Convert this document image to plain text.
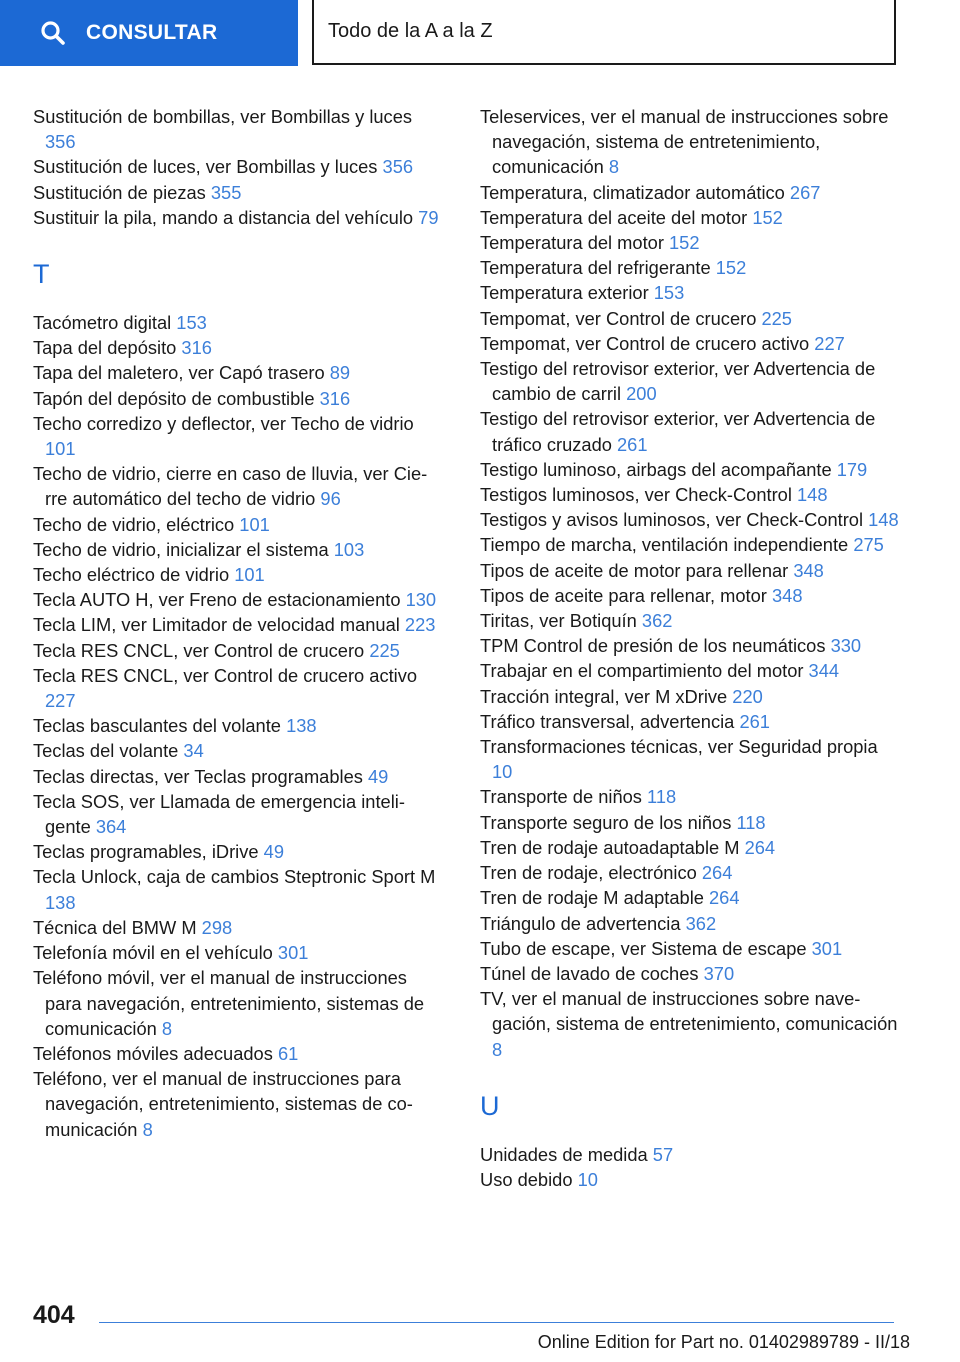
CONSULTAR	Todo de la A a la Z
Sustitución de bombillas, ver Bombillas y luces 356
Sustitución de luces, ver Bombillas y luces 356
Sustitución de piezas 355
Sustituir la pila, mando a distancia del vehículo 79
T
Tacómetro digital 153
Tapa del depósito 316
Tapa del maletero, ver Capó trasero 89
Tapón del depósito de combustible 316
Techo corredizo y deflector, ver Techo de vidrio 101
Techo de vidrio, cierre en caso de lluvia, ver Cierre automático del techo de vidrio 96
Techo de vidrio, eléctrico 101
Techo de vidrio, inicializar el sistema 103
Techo eléctrico de vidrio 101
Tecla AUTO H, ver Freno de estacionamiento 130
Tecla LIM, ver Limitador de velocidad manual 223
Tecla RES CNCL, ver Control de crucero 225
Tecla RES CNCL, ver Control de crucero activo 227
Teclas basculantes del volante 138
Teclas del volante 34
Teclas directas, ver Teclas programables 49
Tecla SOS, ver Llamada de emergencia inteligente 364
Teclas programables, iDrive 49
Tecla Unlock, caja de cambios Steptronic Sport M 138
Técnica del BMW M 298
Telefonía móvil en el vehículo 301
Teléfono móvil, ver el manual de instrucciones para navegación, entretenimiento, sistemas de comunicación 8
Teléfonos móviles adecuados 61
Teléfono, ver el manual de instrucciones para navegación, entretenimiento, sistemas de comunicación 8
Teleservices, ver el manual de instrucciones sobre navegación, sistema de entretenimiento, comunicación 8
Temperatura, climatizador automático 267
Temperatura del aceite del motor 152
Temperatura del motor 152
Temperatura del refrigerante 152
Temperatura exterior 153
Tempomat, ver Control de crucero 225
Tempomat, ver Control de crucero activo 227
Testigo del retrovisor exterior, ver Advertencia de cambio de carril 200
Testigo del retrovisor exterior, ver Advertencia de tráfico cruzado 261
Testigo luminoso, airbags del acompañante 179
Testigos luminosos, ver Check-Control 148
Testigos y avisos luminosos, ver Check-Control 148
Tiempo de marcha, ventilación independiente 275
Tipos de aceite de motor para rellenar 348
Tipos de aceite para rellenar, motor 348
Tiritas, ver Botiquín 362
TPM Control de presión de los neumáticos 330
Trabajar en el compartimiento del motor 344
Tracción integral, ver M xDrive 220
Tráfico transversal, advertencia 261
Transformaciones técnicas, ver Seguridad propia 10
Transporte de niños 118
Transporte seguro de los niños 118
Tren de rodaje autoadaptable M 264
Tren de rodaje, electrónico 264
Tren de rodaje M adaptable 264
Triángulo de advertencia 362
Tubo de escape, ver Sistema de escape 301
Túnel de lavado de coches 370
TV, ver el manual de instrucciones sobre navegación, sistema de entretenimiento, comunicación 8
U
Unidades de medida 57
Uso debido 10
404
Online Edition for Part no. 01402989789 - II/18
